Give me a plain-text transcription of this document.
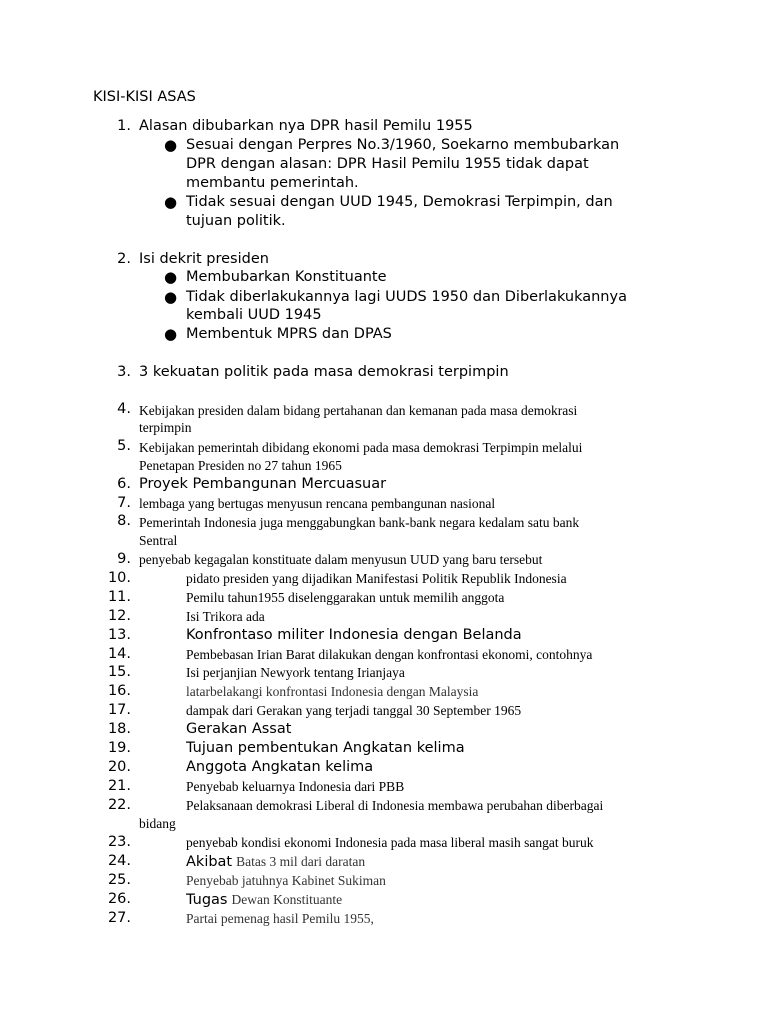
KISI-KISI ASAS
1. Alasan dibubarkan nya DPR hasil Pemilu 1955
● Sesuai dengan Perpres No.3/1960, Soekarno membubarkan
DPR dengan alasan: DPR Hasil Pemilu 1955 tidak dapat
membantu pemerintah.
● Tidak sesuai dengan UUD 1945, Demokrasi Terpimpin, dan
tujuan politik.
2. Isi dekrit presiden
● Membubarkan Konstituante
● Tidak diberlakukannya lagi UUDS 1950 dan Diberlakukannya
kembali UUD 1945
● Membentuk MPRS dan DPAS
3. 3 kekuatan politik pada masa demokrasi terpimpin
4. Kebijakan presiden dalam bidang pertahanan dan kemanan pada masa demokrasi
terpimpin
5. Kebijakan pemerintah dibidang ekonomi pada masa demokrasi Terpimpin melalui
Penetapan Presiden no 27 tahun 1965
6. Proyek Pembangunan Mercuasuar
7. lembaga yang bertugas menyusun rencana pembangunan nasional
8. Pemerintah Indonesia juga menggabungkan bank-bank negara kedalam satu bank
Sentral
9. penyebab kegagalan konstituate dalam menyusun UUD yang baru tersebut
10.	pidato presiden yang dijadikan Manifestasi Politik Republik Indonesia
11.	Pemilu tahun1955 diselenggarakan untuk memilih anggota
12.	Isi Trikora ada
13.	Konfrontaso militer Indonesia dengan Belanda
14.	Pembebasan Irian Barat dilakukan dengan konfrontasi ekonomi, contohnya
15.	Isi perjanjian Newyork tentang Irianjaya
16.	latarbelakangi konfrontasi Indonesia dengan Malaysia
17.	dampak dari Gerakan yang terjadi tanggal 30 September 1965
18.	Gerakan Assat
19.	Tujuan pembentukan Angkatan kelima
20.	Anggota Angkatan kelima
21.	Penyebab keluarnya Indonesia dari PBB
22.	Pelaksanaan demokrasi Liberal di Indonesia membawa perubahan diberbagai
bidang
23.	penyebab kondisi ekonomi Indonesia pada masa liberal masih sangat buruk
24.	Akibat Batas 3 mil dari daratan
25.	Penyebab jatuhnya Kabinet Sukiman
26.	Tugas Dewan Konstituante
27.	Partai pemenag hasil Pemilu 1955,
